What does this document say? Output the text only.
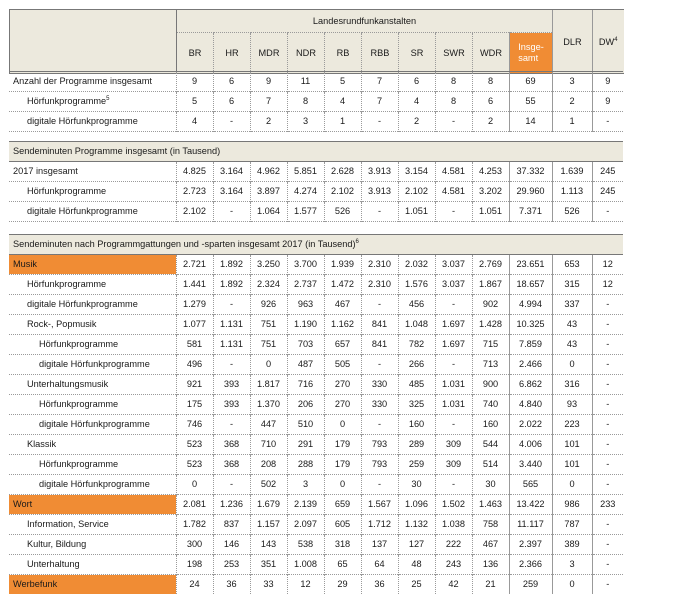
	Landesrundfunkanstalten										DLR	$DW^4$
	BR	HR	MDR	NDR	RB	RBB	SR	SWR	WDR	Insge-
samt		
Anzahl der Programme insgesamt	9	6	9	11	5	7	6	8	8	69	3	9
Hörfunkprogramme$^5$	5	6	7	8	4	7	4	8	6	55	2	9
digitale Hörfunkprogramme	4	-	2	3	1	-	2	-	2	14	1	-

Sendeminuten Programme insgesamt (in Tausend)												
2017 insgesamt	4.825	3.164	4.962	5.851	2.628	3.913	3.154	4.581	4.253	37.332	1.639	245
Hörfunkprogramme	2.723	3.164	3.897	4.274	2.102	3.913	2.102	4.581	3.202	29.960	1.113	245
digitale Hörfunkprogramme	2.102	-	1.064	1.577	526	-	1.051	-	1.051	7.371	526	-

Sendeminuten nach Programmgattungen und -sparten insgesamt 2017 (in Tausend)$^6$
Musik	2.721	1.892	3.250	3.700	1.939	2.310	2.032	3.037	2.769	23.651	653	12
Hörfunkprogramme	1.441	1.892	2.324	2.737	1.472	2.310	1.576	3.037	1.867	18.657	315	12
digitale Hörfunkprogramme	1.279	-	926	963	467	-	456	-	902	4.994	337	-
Rock-, Popmusik	1.077	1.131	751	1.190	1.162	841	1.048	1.697	1.428	10.325	43	-
Hörfunkprogramme	581	1.131	751	703	657	841	782	1.697	715	7.859	43	-
digitale Hörfunkprogramme	496	-	0	487	505	-	266	-	713	2.466	0	-
Unterhaltungsmusik	921	393	1.817	716	270	330	485	1.031	900	6.862	316	-
Hörfunkprogramme	175	393	1.370	206	270	330	325	1.031	740	4.840	93	-
digitale Hörfunkprogramme	746	-	447	510	0	-	160	-	160	2.022	223	-
Klassik	523	368	710	291	179	793	289	309	544	4.006	101	-
Hörfunkprogramme	523	368	208	288	179	793	259	309	514	3.440	101	-
digitale Hörfunkprogramme	0	-	502	3	0	-	30	-	30	565	0	-
Wort	2.081	1.236	1.679	2.139	659	1.567	1.096	1.502	1.463	13.422	986	233
Information, Service	1.782	837	1.157	2.097	605	1.712	1.132	1.038	758	11.117	787	-
Kultur, Bildung	300	146	143	538	318	137	127	222	467	2.397	389	-
Unterhaltung	198	253	351	1.008	65	64	48	243	136	2.366	3	-
Werbefunk	24	36	33	12	29	36	25	42	21	259	0	-
